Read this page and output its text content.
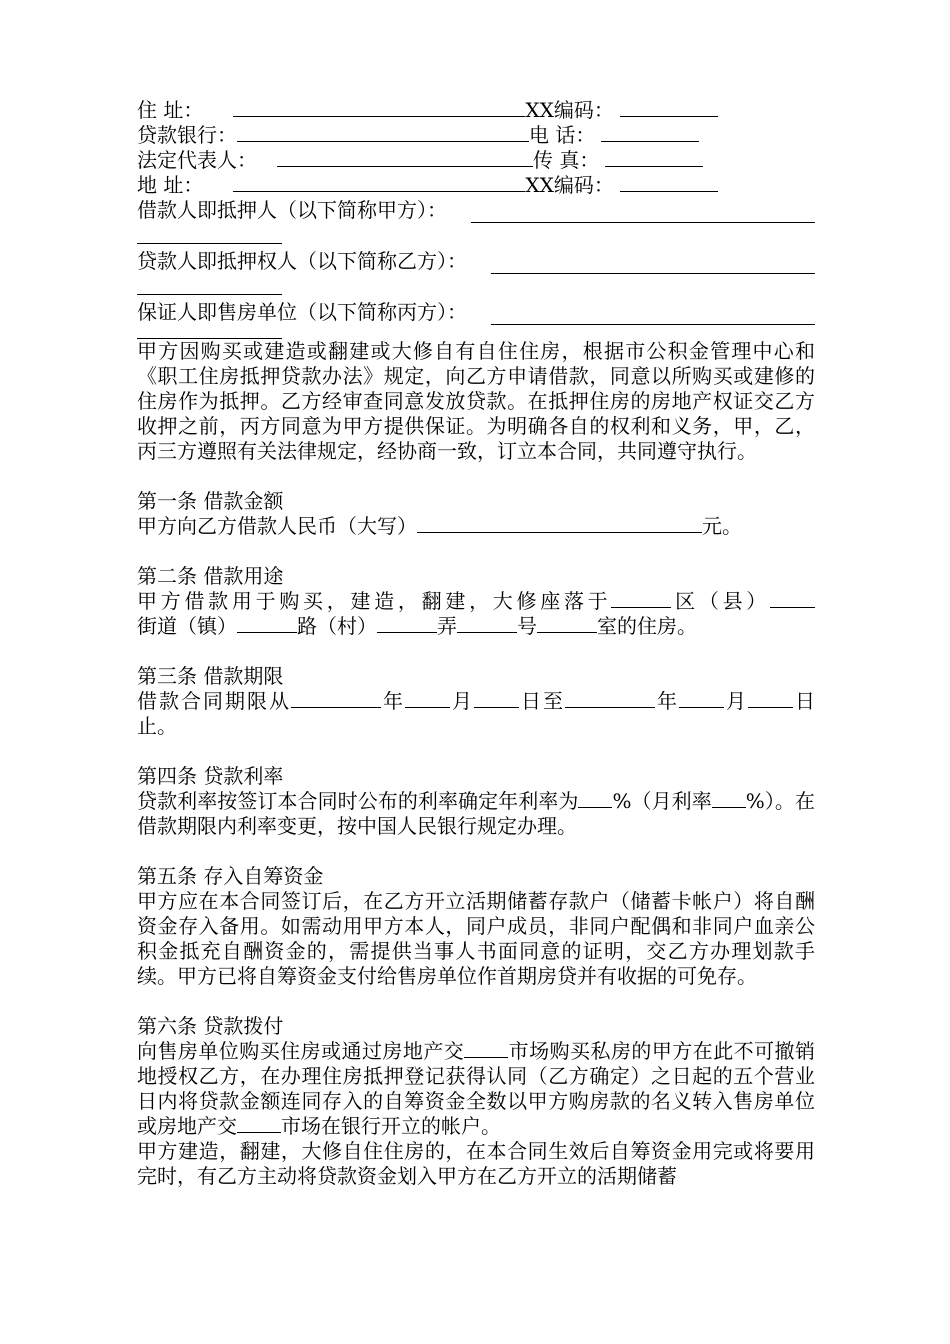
住 址：	XX编码：
贷款银行：	电 话：
法定代表人：	传 真：
地 址：	XX编码：
借款人即抵押人（以下简称甲方）：
贷款人即抵押权人（以下简称乙方）：
保证人即售房单位（以下简称丙方）：
甲方因购买或建造或翻建或大修自有自住住房，根据市公积金管理中心和《职工住房抵押贷款办法》规定，向乙方申请借款，同意以所购买或建修的住房作为抵押。乙方经审查同意发放贷款。在抵押住房的房地产权证交乙方收押之前，丙方同意为甲方提供保证。为明确各自的权利和义务，甲，乙，丙三方遵照有关法律规定，经协商一致，订立本合同，共同遵守执行。
第一条 借款金额
甲方向乙方借款人民币（大写）	元。
第二条 借款用途
甲方借款用于购买，建造，翻建，大修座落于	区（县）街道（镇）	路（村）	弄	号	室的住房。
第三条 借款期限
借款合同期限从	年 月 日至	年 月 日止。
第四条 贷款利率
贷款利率按签订本合同时公布的利率确定年利率为 %（月利率 %）。在借款期限内利率变更，按中国人民银行规定办理。
第五条 存入自筹资金
甲方应在本合同签订后，在乙方开立活期储蓄存款户（储蓄卡帐户）将自酬资金存入备用。如需动用甲方本人，同户成员，非同户配偶和非同户血亲公积金抵充自酬资金的，需提供当事人书面同意的证明，交乙方办理划款手续。甲方已将自筹资金支付给售房单位作首期房贷并有收据的可免存。
第六条 贷款拨付
向售房单位购买住房或通过房地产交 市场购买私房的甲方在此不可撤销地授权乙方，在办理住房抵押登记获得认同（乙方确定）之日起的五个营业日内将贷款金额连同存入的自筹资金全数以甲方购房款的名义转入售房单位或房地产交 市场在银行开立的帐户。
甲方建造，翻建，大修自住住房的，在本合同生效后自筹资金用完或将要用完时，有乙方主动将贷款资金划入甲方在乙方开立的活期储蓄
